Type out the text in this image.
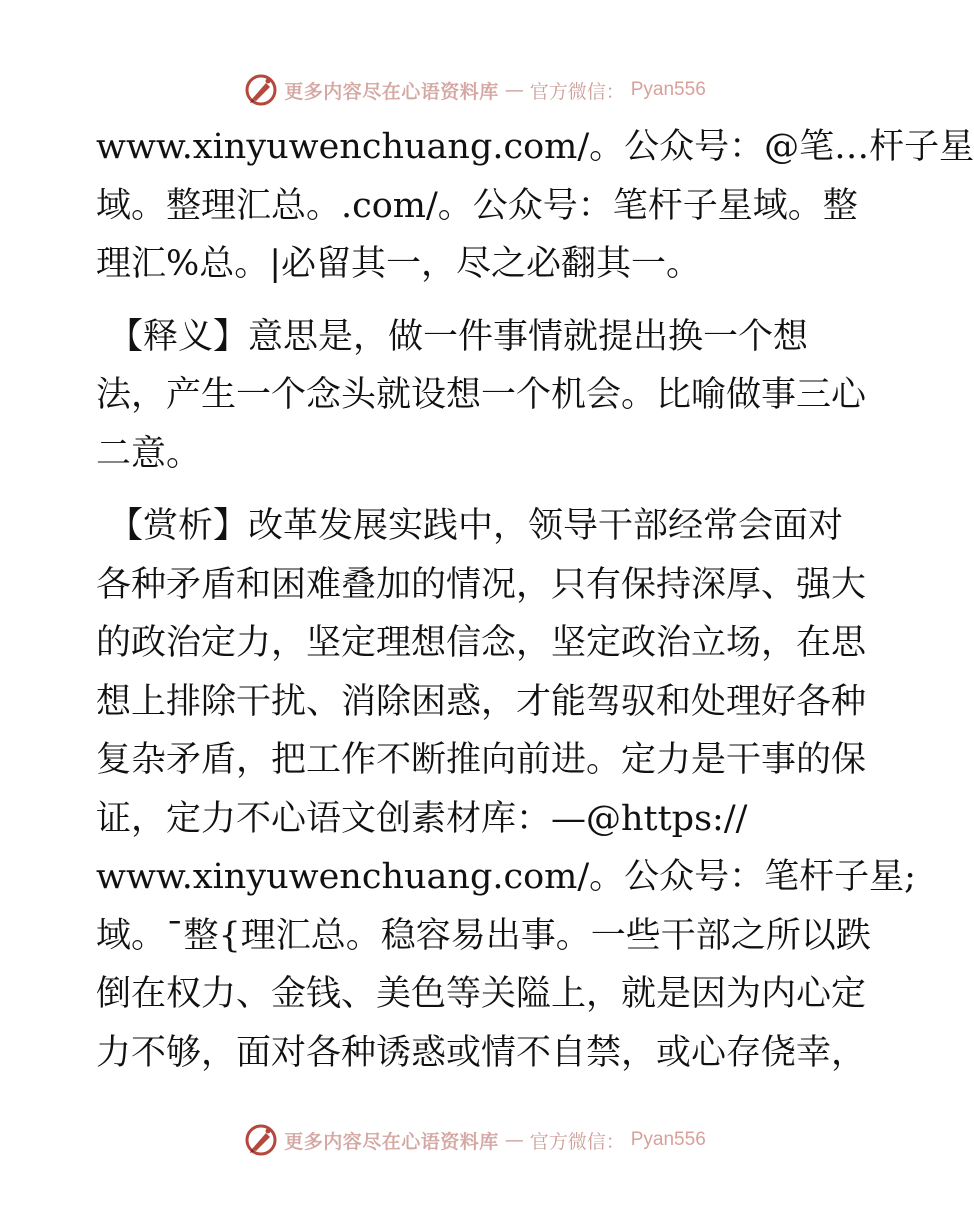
更多内容尽在心语资料库 — 官方微信： Pyan556
www.xinyuwenchuang.com/。公众号：@笔…杆子星
域。整理汇总。.com/。公众号：笔杆子星域。整
理汇%总。|必留其一，尽之必翻其一。
【释义】意思是，做一件事情就提出换一个想
法，产生一个念头就设想一个机会。比喻做事三心
二意。
【赏析】改革发展实践中，领导干部经常会面对
各种矛盾和困难叠加的情况，只有保持深厚、强大
的政治定力，坚定理想信念，坚定政治立场，在思
想上排除干扰、消除困惑，才能驾驭和处理好各种
复杂矛盾，把工作不断推向前进。定力是干事的保
证，定力不心语文创素材库：—@https://
www.xinyuwenchuang.com/。公众号：笔杆子星;
域。¯整{理汇总。稳容易出事。一些干部之所以跌
倒在权力、金钱、美色等关隘上，就是因为内心定
力不够，面对各种诱惑或情不自禁，或心存侥幸，
更多内容尽在心语资料库 — 官方微信： Pyan556
